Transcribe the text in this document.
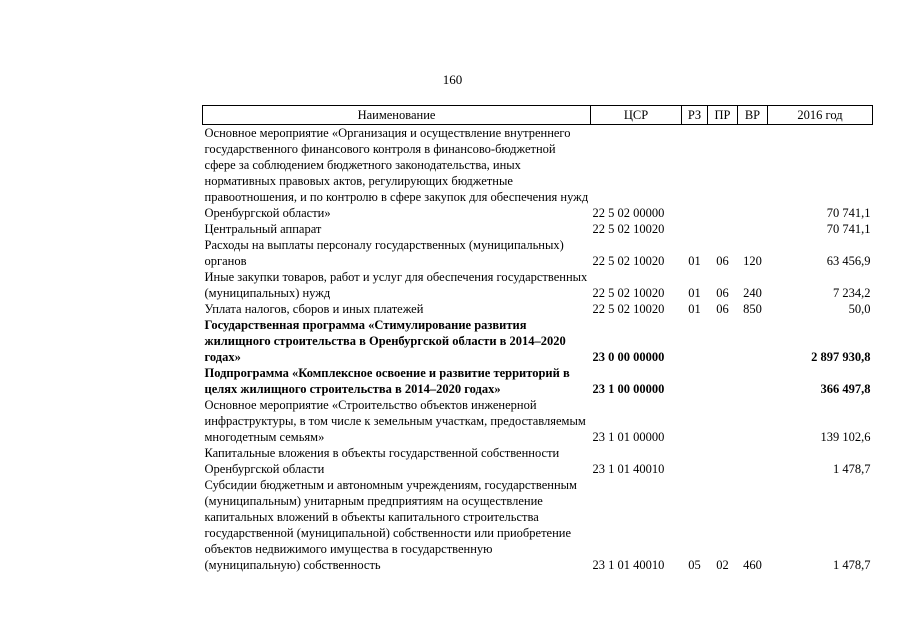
160
Наименование	ЦСР	РЗ	ПР	ВР	2016 год
Основное мероприятие «Организация и осуществление внутреннего государственного финансового контроля в финансово-бюджетной сфере за соблюдением бюджетного законодательства, иных нормативных правовых актов, регулирующих бюджетные правоотношения, и по контролю в сфере закупок для обеспечения нужд Оренбургской области»	22 5 02 00000				70 741,1
Центральный аппарат	22 5 02 10020				70 741,1
Расходы на выплаты персоналу государственных (муниципальных) органов	22 5 02 10020	01	06	120	63 456,9
Иные закупки товаров, работ и услуг для обеспечения государственных (муниципальных) нужд	22 5 02 10020	01	06	240	7 234,2
Уплата налогов, сборов и иных платежей	22 5 02 10020	01	06	850	50,0
Государственная программа «Стимулирование развития жилищного строительства в Оренбургской области в 2014–2020 годах»	23 0 00 00000				2 897 930,8
Подпрограмма «Комплексное освоение и развитие территорий в целях жилищного строительства в 2014–2020 годах»	23 1 00 00000				366 497,8
Основное мероприятие «Строительство объектов инженерной инфраструктуры, в том числе к земельным участкам, предоставляемым многодетным семьям»	23 1 01 00000				139 102,6
Капитальные вложения в объекты государственной собственности Оренбургской области	23 1 01 40010				1 478,7
Субсидии бюджетным и автономным учреждениям, государственным (муниципальным) унитарным предприятиям на осуществление капитальных вложений в объекты капитального строительства государственной (муниципальной) собственности или приобретение объектов недвижимого имущества в государственную (муниципальную) собственность	23 1 01 40010	05	02	460	1 478,7
